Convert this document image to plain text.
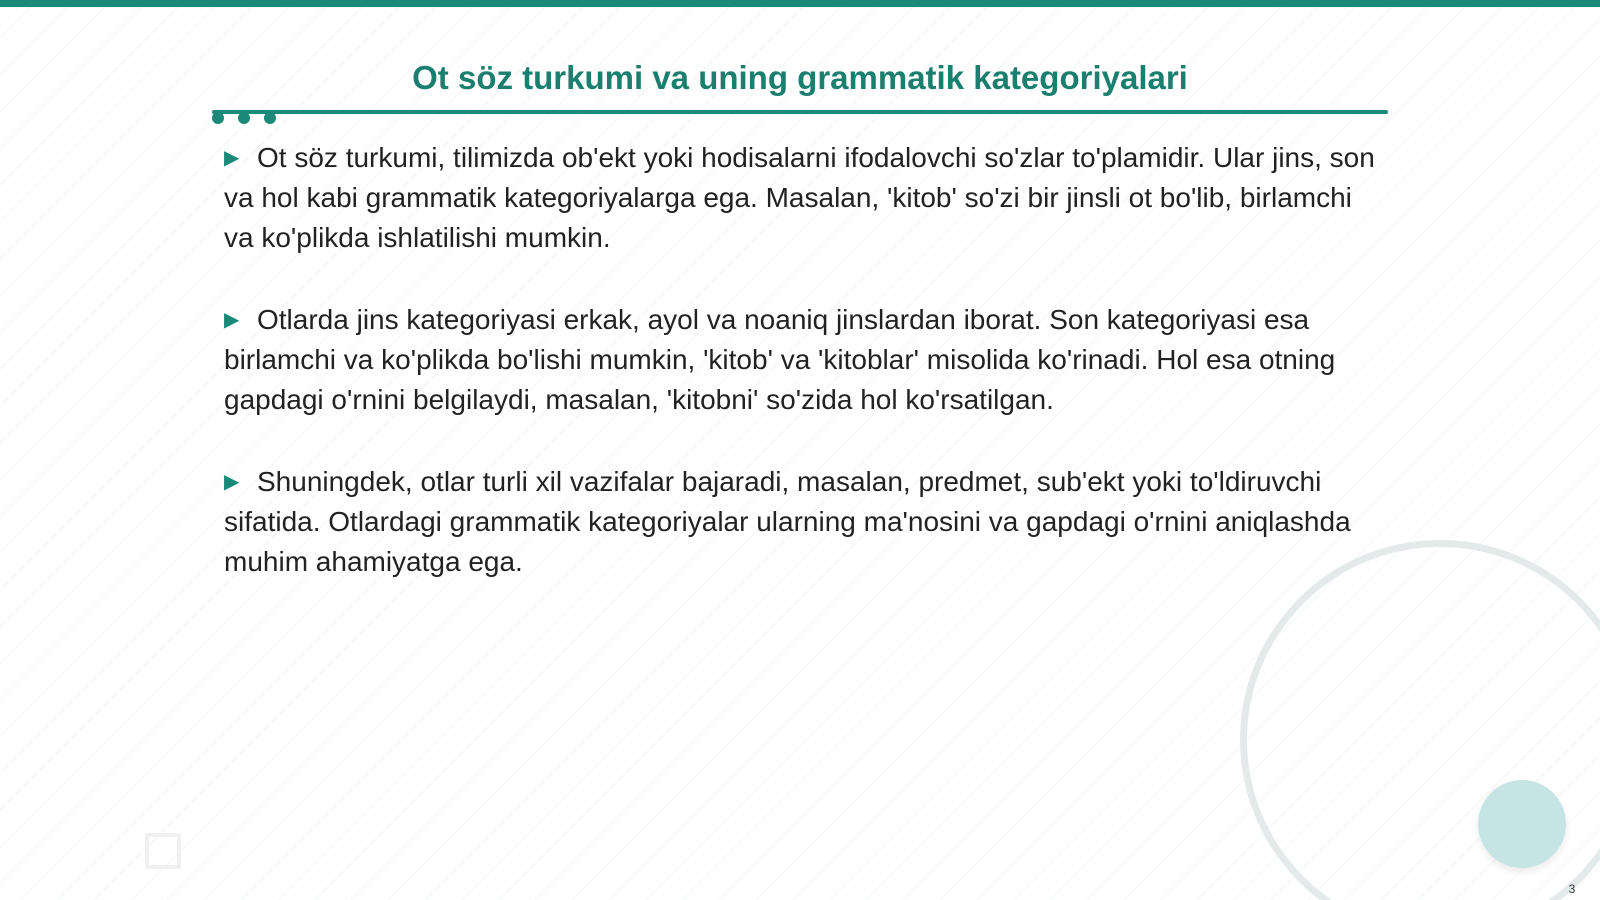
Ot söz turkumi va uning grammatik kategoriyalari

▶ Ot söz turkumi, tilimizda ob'ekt yoki hodisalarni ifodalovchi so'zlar to'plamidir. Ular jins, son va hol kabi grammatik kategoriyalarga ega. Masalan, 'kitob' so'zi bir jinsli ot bo'lib, birlamchi va ko'plikda ishlatilishi mumkin.

▶ Otlarda jins kategoriyasi erkak, ayol va noaniq jinslardan iborat. Son kategoriyasi esa birlamchi va ko'plikda bo'lishi mumkin, 'kitob' va 'kitoblar' misolida ko'rinadi. Hol esa otning gapdagi o'rnini belgilaydi, masalan, 'kitobni' so'zida hol ko'rsatilgan.

▶ Shuningdek, otlar turli xil vazifalar bajaradi, masalan, predmet, sub'ekt yoki to'ldiruvchi sifatida. Otlardagi grammatik kategoriyalar ularning ma'nosini va gapdagi o'rnini aniqlashda muhim ahamiyatga ega.

3
